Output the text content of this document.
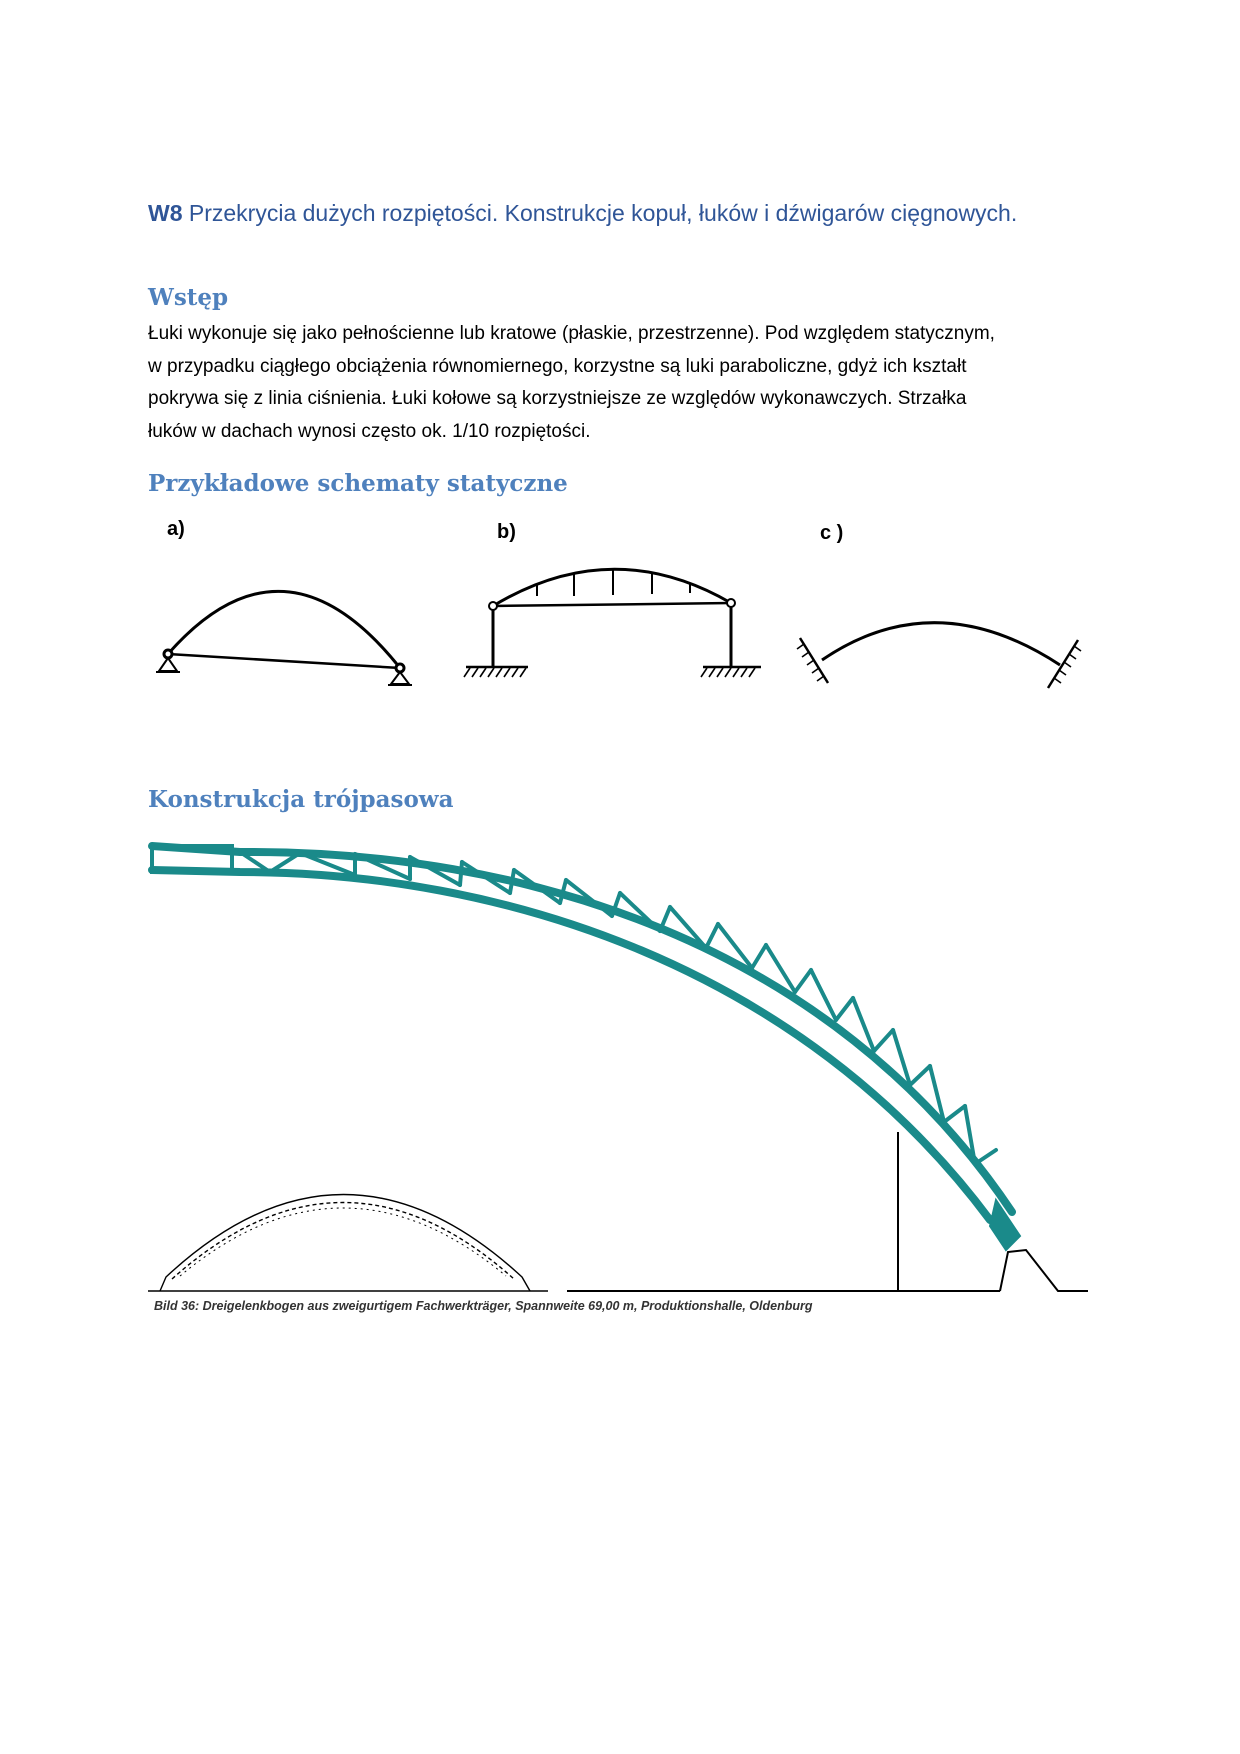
W8 Przekrycia dużych rozpiętości. Konstrukcje kopuł, łuków i dźwigarów cięgnowych.
Wstęp
Łuki wykonuje się jako pełnościenne lub kratowe (płaskie, przestrzenne). Pod względem statycznym,
w przypadku ciągłego obciążenia równomiernego, korzystne są luki paraboliczne, gdyż ich kształt
pokrywa się z linia ciśnienia. Łuki kołowe są korzystniejsze ze względów wykonawczych. Strzałka
łuków w dachach wynosi często ok. 1/10 rozpiętości.
Przykładowe schematy statyczne
a)	b)	c )
Konstrukcja trójpasowa
Bild 36: Dreigelenkbogen aus zweigurtigem Fachwerkträger, Spannweite 69,00 m, Produktionshalle, Oldenburg
